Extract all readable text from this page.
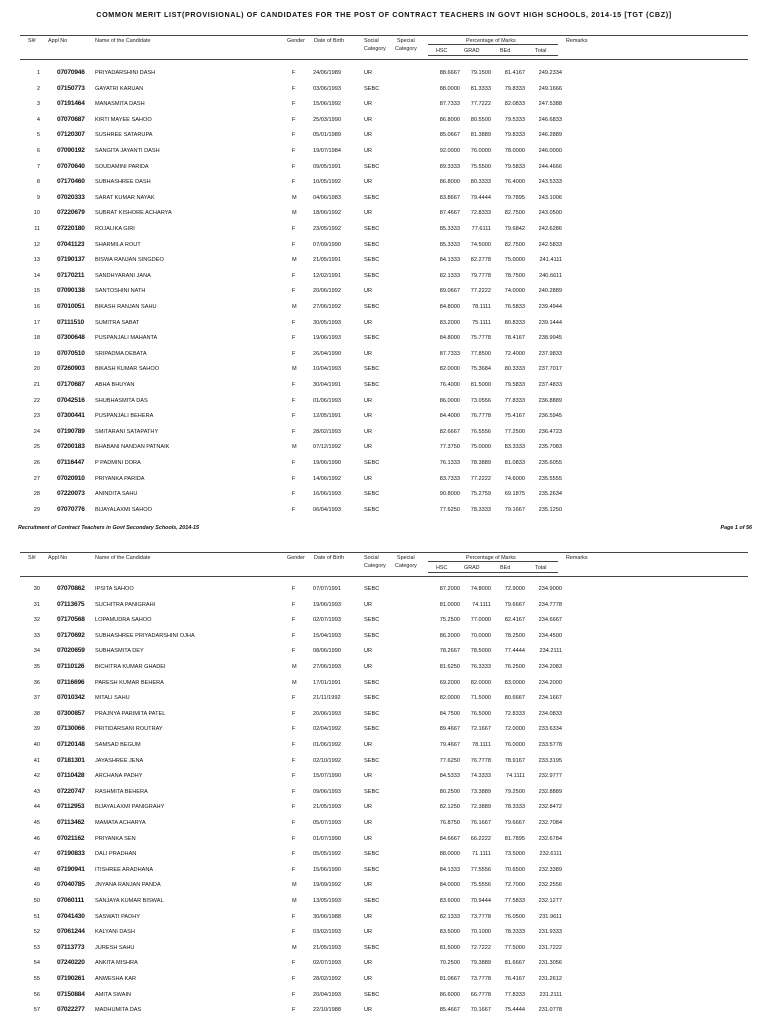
COMMON MERIT LIST(PROVISIONAL) OF CANDIDATES FOR THE POST OF CONTRACT TEACHERS IN GOVT HIGH SCHOOLS, 2014-15 [TGT (CBZ)]
Sl# Appl No	Name of the Candidate	Gender Date of Birth	Social
Category
Special
Category
Percentage of Marks
HSC	GRAD	BEd	Total
Remarks
1	07070946 PRIYADARSHINI DASH	F	24/06/1989	UR	88.6667	79.1500	81.4167	249.2334
2	07150773 GAYATRI KARUAN	F	03/06/1993	SEBC	88.0000	81.3333	79.8333	249.1666
3	07191464 MANASMITA DASH	F	15/06/1992	UR	87.7333	77.7222	82.0833	247.5388
4	07070687 KIRTI MAYEE SAHOO	F	25/03/1990	UR	86.8000	80.5500	79.5333	246.6833
5	07120307 SUSHREE SATARUPA	F	05/01/1989	UR	85.0667	81.3889	79.8333	246.2889
6	07090192 SANGITA JAYANTI DASH	F	19/07/1984	UR	92.0000	76.0000	78.0000	246.0000
7	07070640 SOUDAMINI PARIDA	F	09/05/1991	SEBC	89.3333	75.5500	79.5833	244.4666
8	07170460 SUBHASHREE DASH	F	10/05/1992	UR	86.8000	80.3333	76.4000	243.5333
9	07020333 SARAT KUMAR NAYAK	M	04/06/1983	SEBC	83.8667	79.4444	79.7895	243.1006
10	07220679 SUBRAT KISHORE ACHARYA	M	18/06/1992	UR	87.4667	72.8333	82.7500	243.0500
11	07220180 ROJALIKA GIRI	F	23/05/1992	SEBC	85.3333	77.6111	79.6842	242.6286
12	07041123 SHARMILA ROUT	F	07/09/1990	SEBC	85.3333	74.5000	82.7500	242.5833
13	07190137 BISWA RANJAN SINGDEO	M	21/05/1991	SEBC	84.1333	82.2778	75.0000	241.4111
14	07170211 SANDHYARANI JANA	F	12/02/1991	SEBC	82.1333	79.7778	78.7500	240.6611
15	07090138 SANTOSHINI NATH	F	20/06/1992	UR	89.0667	77.2222	74.0000	240.2889
16	07010051 BIKASH RANJAN SAHU	M	27/06/1992	SEBC	84.8000	78.1111	76.5833	239.4944
17	07111510 SUMITRA SABAT	F	30/05/1993	UR	83.2000	75.1111	80.8333	239.1444
18	07300648 PUSPANJALI MAHANTA	F	19/06/1993	SEBC	84.8000	75.7778	78.4167	238.9945
19	07070510 SRIPADMA DEBATA	F	26/04/1990	UR	87.7333	77.8500	72.4000	237.9833
20	07260903 BIKASH KUMAR SAHOO	M	10/04/1993	SEBC	82.0000	75.3684	80.3333	237.7017
21	07170687 ABHA BHUYAN	F	30/04/1991	SEBC	76.4000	81.5000	79.5833	237.4833
22	07042516 SHUBHASMITA DAS	F	01/06/1993	UR	86.0000	73.0556	77.8333	236.8889
23	07300441 PUSPANJALI BEHERA	F	12/05/1991	UR	84.4000	76.7778	75.4167	236.5945
24	07190789 SMITARANI SATAPATHY	F	28/02/1993	UR	82.6667	76.5556	77.2500	236.4723
25	07200183 BHABANI NANDAN PATNAIK	M	07/12/1992	UR	77.3750	75.0000	83.3333	235.7083
26	07116447 P PADMINI DORA	F	19/06/1990	SEBC	76.1333	78.3889	81.0833	235.6055
27	07020910 PRIYANKA PARIDA	F	14/06/1992	UR	83.7333	77.2222	74.6000	235.5555
28	07220073 ANINDITA SAHU	F	16/06/1993	SEBC	90.8000	75.2759	69.1875	235.2634
29	07070776 BIJAYALAXMI SAHOO	F	06/04/1993	SEBC	77.6250	78.3333	79.1667	235.1250
Recruitment of Contract Teachers in Govt Secondary Schools, 2014-15	Page 1 of 56
Sl# Appl No	Name of the Candidate	Gender Date of Birth	Social
Category
Special
Category
Percentage of Marks
HSC	GRAD	BEd	Total
Remarks
30	07070862 IPSITA SAHOO	F	07/07/1991	SEBC	87.2000	74.8000	72.9000	234.9000
31	07113675 SUCHITRA PANIGRAHI	F	19/06/1993	UR	81.0000	74.1111	79.6667	234.7778
32	07170568 LOPAMUDRA SAHOO	F	02/07/1993	SEBC	75.2500	77.0000	82.4167	234.6667
33	07170692 SUBHASHREE PRIYADARSHINI OJHA	F	15/04/1993	SEBC	86.2000	70.0000	78.2500	234.4500
34	07020659 SUBHASMITA DEY	F	08/06/1990	UR	78.2667	78.5000	77.4444	234.2111
35	07110126 BICHITRA KUMAR GHADEI	M	27/06/1993	UR	81.6250	76.3333	76.2500	234.2083
36	07116696 PARESH KUMAR BEHERA	M	17/01/1991	SEBC	69.2000	82.0000	83.0000	234.2000
37	07010342 MITALI SAHU	F	21/11/1992	SEBC	82.0000	71.5000	80.6667	234.1667
38	07300857 PRAJNYA PARIMITA PATEL	F	20/06/1993	SEBC	84.7500	76.5000	72.8333	234.0833
39	07130066 PRITIDARSANI ROUTRAY	F	02/04/1992	SEBC	89.4667	72.1667	72.0000	233.6334
40	07120148 SAMSAD BEGUM	F	01/06/1992	UR	79.4667	78.1111	76.0000	233.5778
41	07181301 JAYASHREE JENA	F	02/10/1992	SEBC	77.6250	76.7778	78.9167	233.3195
42	07110428 ARCHANA PADHY	F	15/07/1990	UR	84.5333	74.3333	74.1111	232.9777
43	07220747 RASHMITA BEHERA	F	09/06/1993	SEBC	80.2500	73.3889	79.2500	232.8889
44	07112953 BIJAYALAXMI PANIGRAHY	F	21/05/1993	UR	82.1250	72.3889	78.3333	232.8472
45	07113462 MAMATA ACHARYA	F	05/07/1993	UR	76.8750	76.1667	79.6667	232.7084
46	07021162 PRIYANKA SEN	F	01/07/1990	UR	84.6667	66.2222	81.7895	232.6784
47	07190833 DALI PRADHAN	F	05/05/1992	SEBC	88.0000	71.1111	73.5000	232.6111
48	07190941 ITISHREE ARADHANA	F	15/06/1990	SEBC	84.1333	77.5556	70.6500	232.3389
49	07040785 JNYANA RANJAN PANDA	M	19/09/1992	UR	84.0000	75.5556	72.7000	232.2556
50	07060111 SANJAYA KUMAR BISWAL	M	13/05/1993	SEBC	83.6000	70.9444	77.5833	232.1277
51	07041430 SASWATI PADHY	F	30/06/1988	UR	82.1333	73.7778	76.0500	231.9611
52	07061244 KALYANI DASH	F	03/02/1993	UR	83.5000	70.1000	78.3333	231.9333
53	07113773 JURESH SAHU	M	21/05/1993	SEBC	81.5000	72.7222	77.5000	231.7222
54	07240220 ANKITA MISHRA	F	02/07/1993	UR	70.2500	79.3889	81.6667	231.3056
55	07190261 ANWESHA KAR	F	28/02/1992	UR	81.0667	73.7778	76.4167	231.2612
56	07150884 AMITA SWAIN	F	20/04/1993	SEBC	86.6000	66.7778	77.8333	231.2111
57	07022277 MADHUMITA DAS	F	22/10/1988	UR	85.4667	70.1667	75.4444	231.0778
